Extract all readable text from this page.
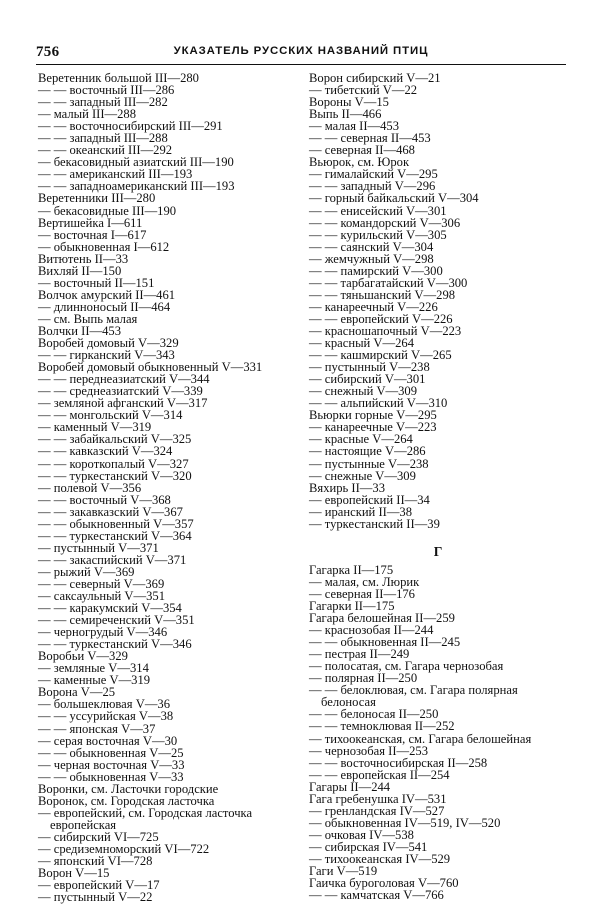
756	УКАЗАТЕЛЬ РУССКИХ НАЗВАНИЙ ПТИЦ
Веретенник большой III—280
— — восточный III—286
— — западный III—282
— малый III—288
— — восточносибирский III—291
— — западный III—288
— — океанский III—292
— бекасовидный азиатский III—190
— — американский III—193
— — западноамериканский III—193
Веретенники III—280
— бекасовидные III—190
Вертишейка I—611
— восточная I—617
— обыкновенная I—612
Витютень II—33
Вихляй II—150
— восточный II—151
Волчок амурский II—461
— длинноносый II—464
— см. Выпь малая
Волчки II—453
Воробей домовый V—329
— — гирканский V—343
Воробей домовый обыкновенный V—331
— — переднеазиатский V—344
— — среднеазиатский V—339
— земляной афганский V—317
— — монгольский V—314
— каменный V—319
— — забайкальский V—325
— — кавказский V—324
— — короткопалый V—327
— — туркестанский V—320
— полевой V—356
— — восточный V—368
— — закавказский V—367
— — обыкновенный V—357
— — туркестанский V—364
— пустынный V—371
— — закаспийский V—371
— рыжий V—369
— — северный V—369
— саксаульный V—351
— — каракумский V—354
— — семиреченский V—351
— черногрудый V—346
— — туркестанский V—346
Воробьи V—329
— земляные V—314
— каменные V—319
Ворона V—25
— большеклювая V—36
— — уссурийская V—38
— — японская V—37
— серая восточная V—30
— — обыкновенная V—25
— черная восточная V—33
— — обыкновенная V—33
Воронки, см. Ласточки городские
Воронок, см. Городская ласточка
— европейский, см. Городская ласточка
европейская
— сибирский VI—725
— средиземноморский VI—722
— японский VI—728
Ворон V—15
— европейский V—17
— пустынный V—22
Ворон сибирский V—21
— тибетский V—22
Вороны V—15
Выпь II—466
— малая II—453
— — северная II—453
— северная II—468
Вьюрок, см. Юрок
— гималайский V—295
— — западный V—296
— горный байкальский V—304
— — енисейский V—301
— — командорский V—306
— — курильский V—305
— — саянский V—304
— жемчужный V—298
— — памирский V—300
— — тарбагатайский V—300
— — тяньшанский V—298
— канареечный V—226
— — европейский V—226
— красношапочный V—223
— красный V—264
— — кашмирский V—265
— пустынный V—238
— сибирский V—301
— снежный V—309
— — альпийский V—310
Вьюрки горные V—295
— канареечные V—223
— красные V—264
— настоящие V—286
— пустынные V—238
— снежные V—309
Вяхирь II—33
— европейский II—34
— иранский II—38
— туркестанский II—39
Г
Гагарка II—175
— малая, см. Люрик
— северная II—176
Гагарки II—175
Гагара белошейная II—259
— краснозобая II—244
— — обыкновенная II—245
— пестрая II—249
— полосатая, см. Гагара чернозобая
— полярная II—250
— — белоклювая, см. Гагара полярная
белоносая
— — белоносая II—250
— — темноклювая II—252
— тихоокеанская, см. Гагара белошейная
— чернозобая II—253
— — восточносибирская II—258
— — европейская II—254
Гагары II—244
Гага гребенушка IV—531
— гренландская IV—527
— обыкновенная IV—519, IV—520
— очковая IV—538
— сибирская IV—541
— тихоокеанская IV—529
Гаги V—519
Гаичка буроголовая V—760
— — камчатская V—766
